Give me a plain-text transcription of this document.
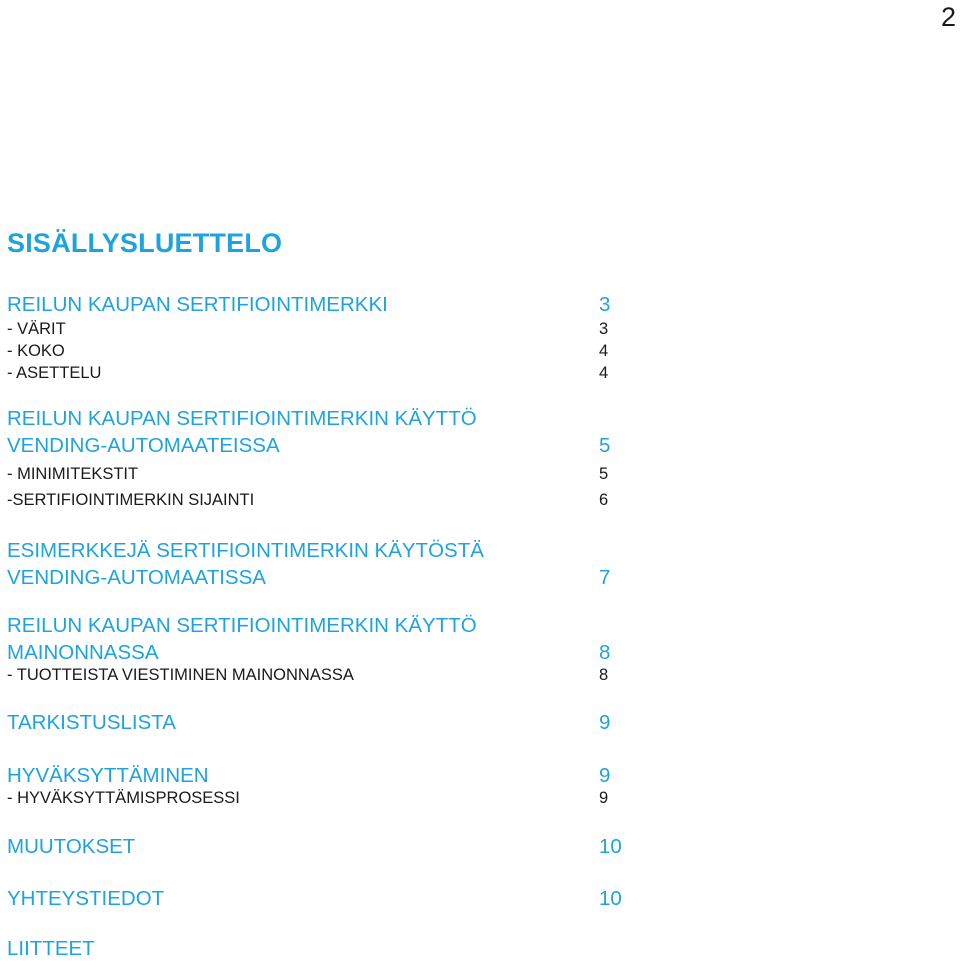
2
SISÄLLYSLUETTELO
REILUN KAUPAN SERTIFIOINTIMERKKI	3
- VÄRIT	3
- KOKO	4
- ASETTELU	4
REILUN KAUPAN SERTIFIOINTIMERKIN KÄYTTÖ
VENDING-AUTOMAATEISSA	5
- MINIMITEKSTIT	5
-SERTIFIOINTIMERKIN SIJAINTI	6
ESIMERKKEJÄ SERTIFIOINTIMERKIN KÄYTÖSTÄ
VENDING-AUTOMAATISSA	7
REILUN KAUPAN SERTIFIOINTIMERKIN KÄYTTÖ
MAINONNASSA	8
- TUOTTEISTA VIESTIMINEN MAINONNASSA	8
TARKISTUSLISTA	9
HYVÄKSYTTÄMINEN	9
- HYVÄKSYTTÄMISPROSESSI	9
MUUTOKSET	10
YHTEYSTIEDOT	10
LIITTEET
